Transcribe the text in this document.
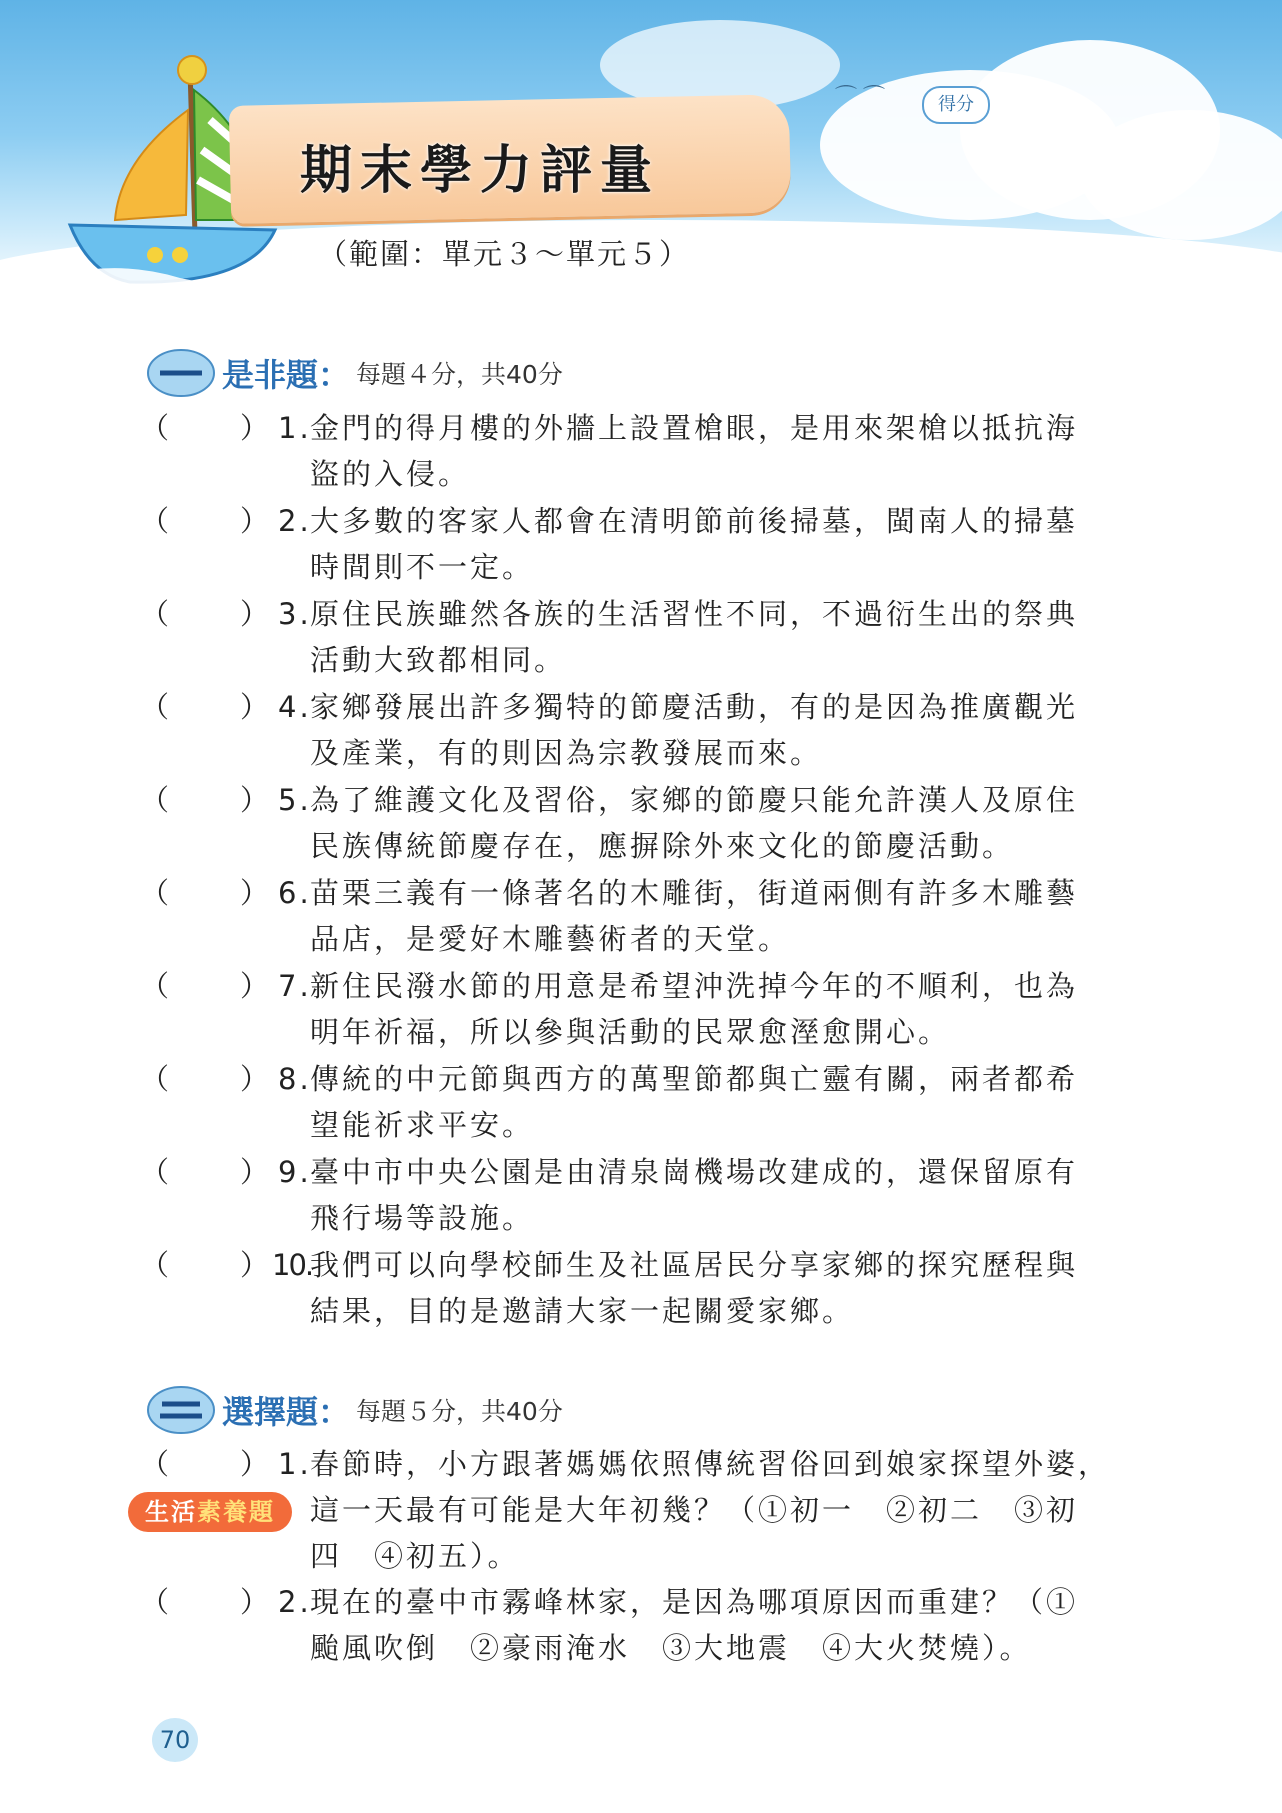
期末學力評量
（範圍：單元３～單元５）
⌒⌒	得分
是非題： 每題４分，共40分
（ ） 1.
金門的得月樓的外牆上設置槍眼，是用來架槍以抵抗海
盜的入侵。
（ ） 2.
大多數的客家人都會在清明節前後掃墓，閩南人的掃墓
時間則不一定。
（ ） 3.
原住民族雖然各族的生活習性不同，不過衍生出的祭典
活動大致都相同。
（ ） 4.
家鄉發展出許多獨特的節慶活動，有的是因為推廣觀光
及產業，有的則因為宗教發展而來。
（ ） 5.
為了維護文化及習俗，家鄉的節慶只能允許漢人及原住
民族傳統節慶存在，應摒除外來文化的節慶活動。
（ ） 6.
苗栗三義有一條著名的木雕街，街道兩側有許多木雕藝
品店，是愛好木雕藝術者的天堂。
（ ） 7.
新住民潑水節的用意是希望沖洗掉今年的不順利，也為
明年祈福，所以參與活動的民眾愈溼愈開心。
（ ） 8.
傳統的中元節與西方的萬聖節都與亡靈有關，兩者都希
望能祈求平安。
（ ） 9.
臺中市中央公園是由清泉崗機場改建成的，還保留原有
飛行場等設施。
（ ） 10.
我們可以向學校師生及社區居民分享家鄉的探究歷程與
結果，目的是邀請大家一起關愛家鄉。
選擇題： 每題５分，共40分
（ ） 1.
春節時，小方跟著媽媽依照傳統習俗回到娘家探望外婆，
這一天最有可能是大年初幾？（①初一　②初二　③初
四　④初五）。
（ ） 2.
現在的臺中市霧峰林家，是因為哪項原因而重建？（①
颱風吹倒　②豪雨淹水　③大地震　④大火焚燒）。
生活素養題
70
